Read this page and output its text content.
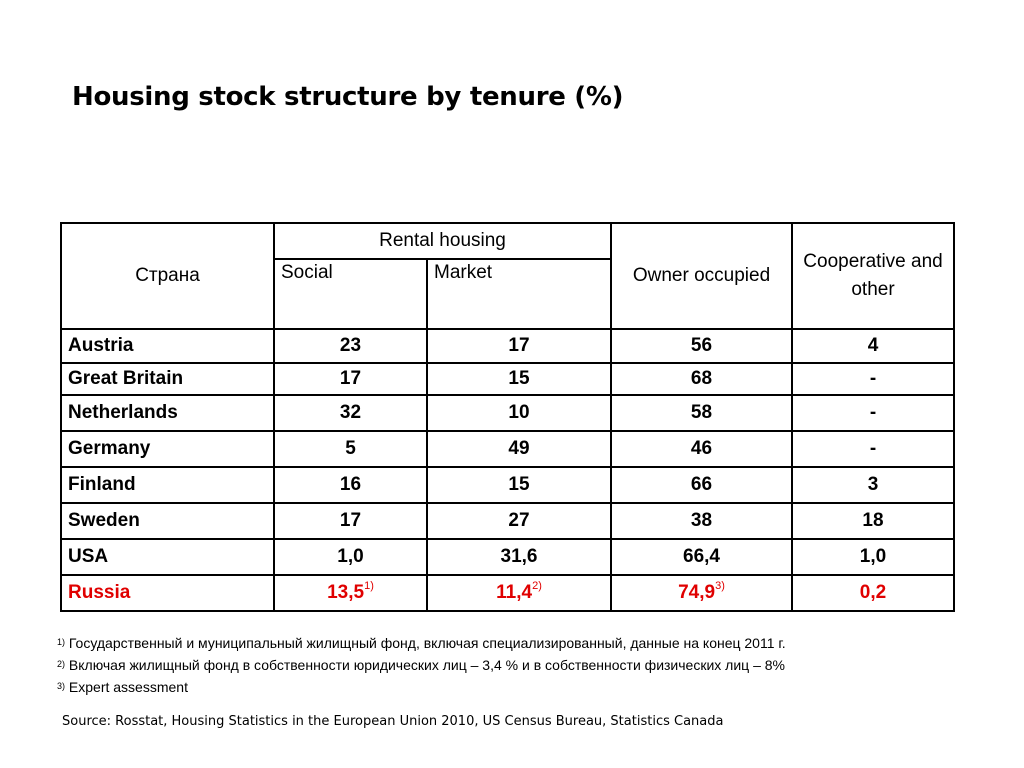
Housing stock structure by tenure (%)
Страна	Rental housing		Owner occupied	Cooperative and other
	Social	Market		
Austria	23	17	56	4
Great Britain	17	15	68	-
Netherlands	32	10	58	-
Germany	5	49	46	-
Finland	16	15	66	3
Sweden	17	27	38	18
USA	1,0	31,6	66,4	1,0
Russia	13,5$^{1)}$	11,4$^{2)}$	74,9$^{3)}$	0,2
$^{1)}$ Государственный и муниципальный жилищный фонд, включая специализированный, данные на конец 2011 г.
$^{2)}$ Включая жилищный фонд в собственности юридических лиц – 3,4 % и в собственности физических лиц – 8%
$^{3)}$ Expert assessment
Source: Rosstat, Housing Statistics in the European Union 2010, US Census Bureau, Statistics Canada
